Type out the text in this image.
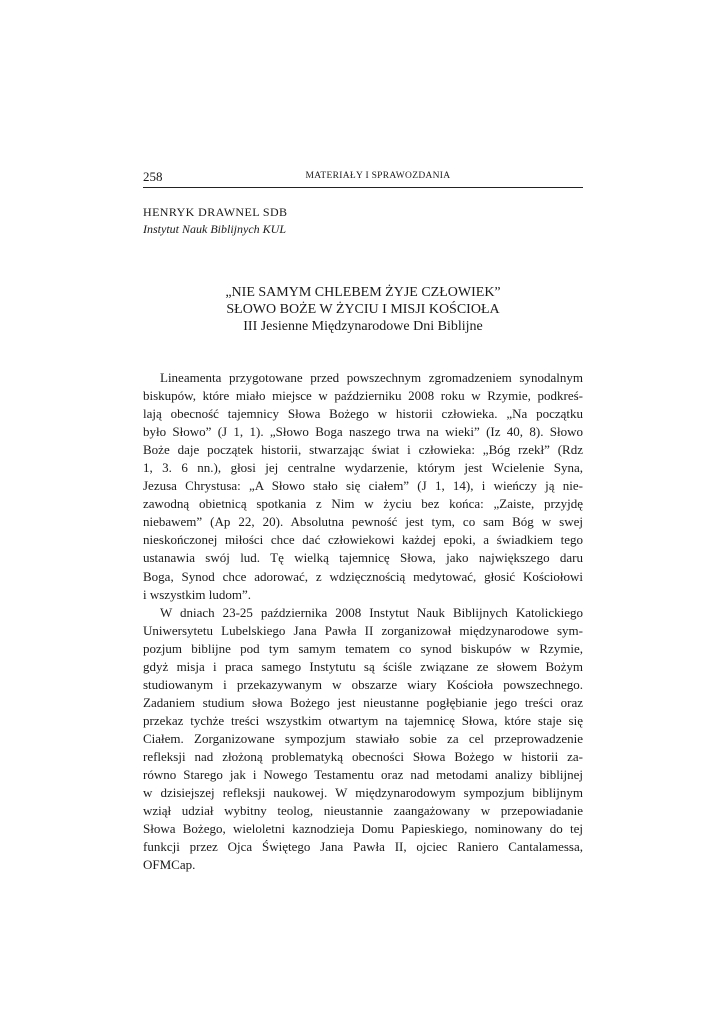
258	MATERIAŁY I SPRAWOZDANIA
HENRYK DRAWNEL SDB
Instytut Nauk Biblijnych KUL
„NIE SAMYM CHLEBEM ŻYJE CZŁOWIEK”
SŁOWO BOŻE W ŻYCIU I MISJI KOŚCIOŁA
III Jesienne Międzynarodowe Dni Biblijne
Lineamenta przygotowane przed powszechnym zgromadzeniem synodalnym
biskupów, które miało miejsce w październiku 2008 roku w Rzymie, podkreś-
lają obecność tajemnicy Słowa Bożego w historii człowieka. „Na początku
było Słowo” (J 1, 1). „Słowo Boga naszego trwa na wieki” (Iz 40, 8). Słowo
Boże daje początek historii, stwarzając świat i człowieka: „Bóg rzekł” (Rdz
1, 3. 6 nn.), głosi jej centralne wydarzenie, którym jest Wcielenie Syna,
Jezusa Chrystusa: „A Słowo stało się ciałem” (J 1, 14), i wieńczy ją nie-
zawodną obietnicą spotkania z Nim w życiu bez końca: „Zaiste, przyjdę
niebawem” (Ap 22, 20). Absolutna pewność jest tym, co sam Bóg w swej
nieskończonej miłości chce dać człowiekowi każdej epoki, a świadkiem tego
ustanawia swój lud. Tę wielką tajemnicę Słowa, jako największego daru
Boga, Synod chce adorować, z wdzięcznością medytować, głosić Kościołowi
i wszystkim ludom”.
W dniach 23-25 października 2008 Instytut Nauk Biblijnych Katolickiego
Uniwersytetu Lubelskiego Jana Pawła II zorganizował międzynarodowe sym-
pozjum biblijne pod tym samym tematem co synod biskupów w Rzymie,
gdyż misja i praca samego Instytutu są ściśle związane ze słowem Bożym
studiowanym i przekazywanym w obszarze wiary Kościoła powszechnego.
Zadaniem studium słowa Bożego jest nieustanne pogłębianie jego treści oraz
przekaz tychże treści wszystkim otwartym na tajemnicę Słowa, które staje się
Ciałem. Zorganizowane sympozjum stawiało sobie za cel przeprowadzenie
refleksji nad złożoną problematyką obecności Słowa Bożego w historii za-
równo Starego jak i Nowego Testamentu oraz nad metodami analizy biblijnej
w dzisiejszej refleksji naukowej. W międzynarodowym sympozjum biblijnym
wziął udział wybitny teolog, nieustannie zaangażowany w przepowiadanie
Słowa Bożego, wieloletni kaznodzieja Domu Papieskiego, nominowany do tej
funkcji przez Ojca Świętego Jana Pawła II, ojciec Raniero Cantalamessa,
OFMCap.
